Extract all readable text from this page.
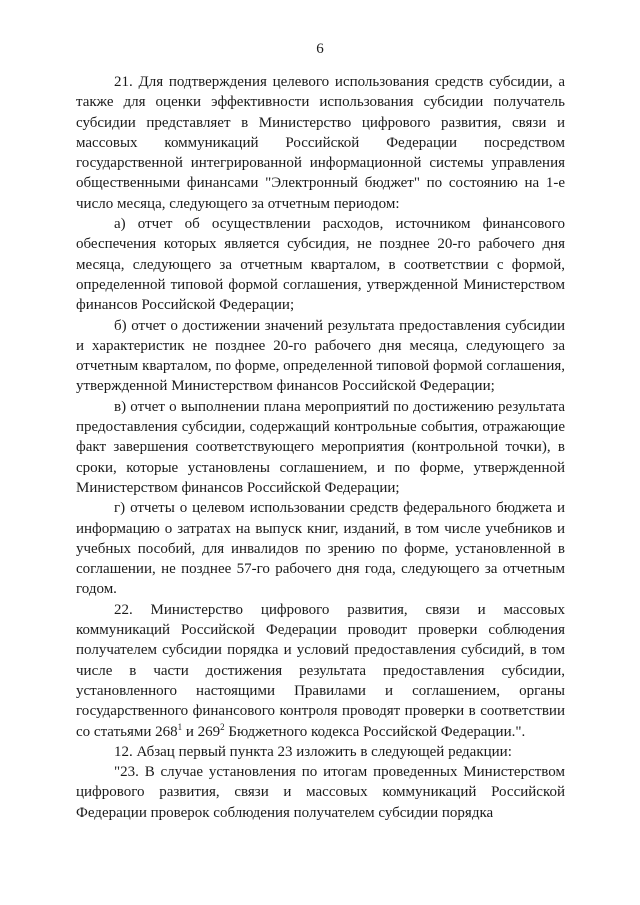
6

21. Для подтверждения целевого использования средств субсидии, а также для оценки эффективности использования субсидии получатель субсидии представляет в Министерство цифрового развития, связи и массовых коммуникаций Российской Федерации посредством государственной интегрированной информационной системы управления общественными финансами "Электронный бюджет" по состоянию на 1-е число месяца, следующего за отчетным периодом:

а) отчет об осуществлении расходов, источником финансового обеспечения которых является субсидия, не позднее 20-го рабочего дня месяца, следующего за отчетным кварталом, в соответствии с формой, определенной типовой формой соглашения, утвержденной Министерством финансов Российской Федерации;

б) отчет о достижении значений результата предоставления субсидии и характеристик не позднее 20-го рабочего дня месяца, следующего за отчетным кварталом, по форме, определенной типовой формой соглашения, утвержденной Министерством финансов Российской Федерации;

в) отчет о выполнении плана мероприятий по достижению результата предоставления субсидии, содержащий контрольные события, отражающие факт завершения соответствующего мероприятия (контрольной точки), в сроки, которые установлены соглашением, и по форме, утвержденной Министерством финансов Российской Федерации;

г) отчеты о целевом использовании средств федерального бюджета и информацию о затратах на выпуск книг, изданий, в том числе учебников и учебных пособий, для инвалидов по зрению по форме, установленной в соглашении, не позднее 57-го рабочего дня года, следующего за отчетным годом.

22. Министерство цифрового развития, связи и массовых коммуникаций Российской Федерации проводит проверки соблюдения получателем субсидии порядка и условий предоставления субсидий, в том числе в части достижения результата предоставления субсидии, установленного настоящими Правилами и соглашением, органы государственного финансового контроля проводят проверки в соответствии со статьями $268^1$ и $269^2$ Бюджетного кодекса Российской Федерации.".

12. Абзац первый пункта 23 изложить в следующей редакции:

"23. В случае установления по итогам проведенных Министерством цифрового развития, связи и массовых коммуникаций Российской Федерации проверок соблюдения получателем субсидии порядка
